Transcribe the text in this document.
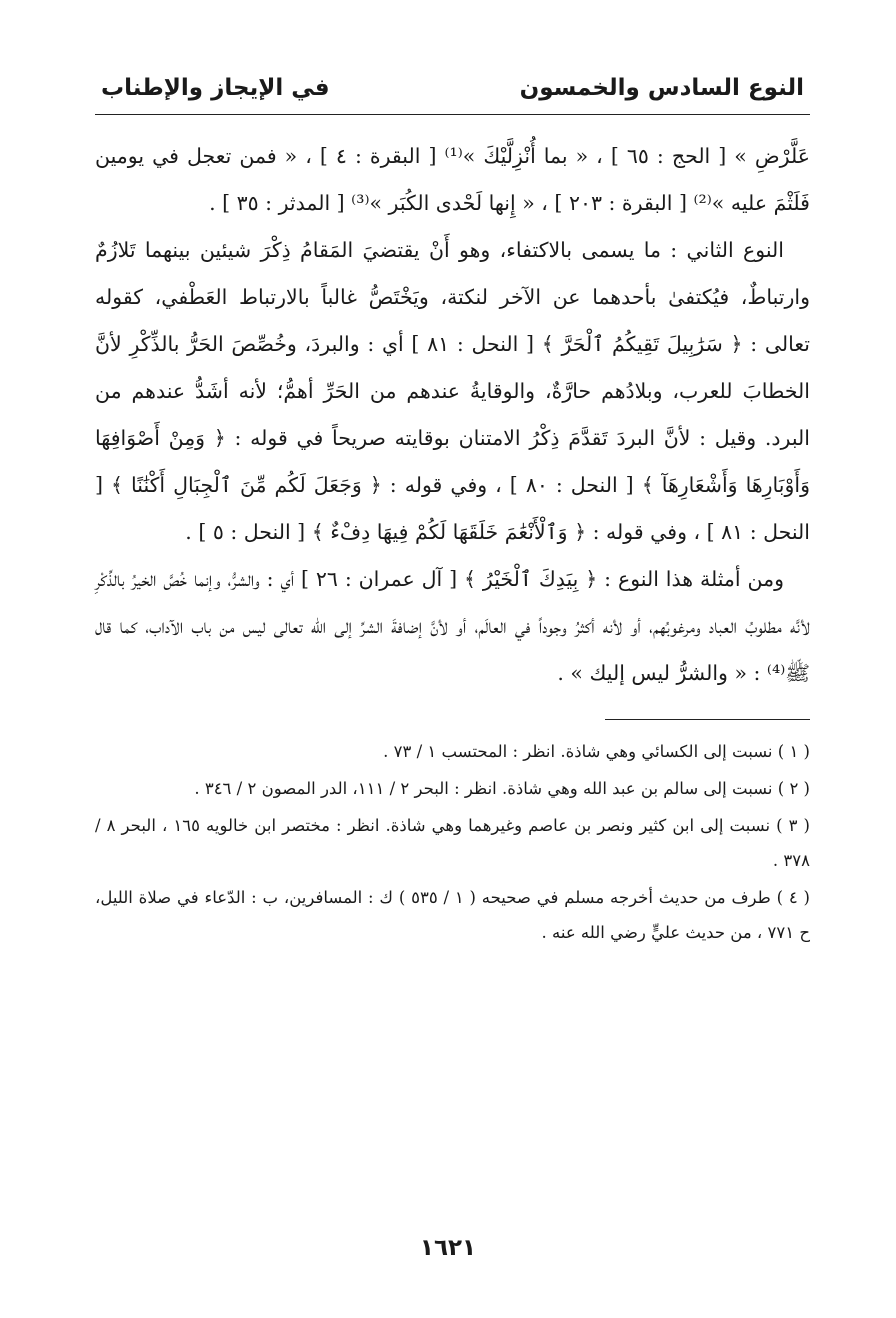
النوع السادس والخمسون
في الإيجاز والإطناب

عَلَّرْضِ » [ الحج : ٦٥ ] ، « بما أُنْزِلَّيْكَ »⁽¹⁾ [ البقرة : ٤ ] ، « فمن تعجل في يومين فَلَثْمَ عليه »⁽²⁾ [ البقرة : ٢٠٣ ] ، « إِنها لَحْدى الكُبَر »⁽³⁾ [ المدثر : ٣٥ ] .

النوع الثاني : ما يسمى بالاكتفاء، وهو أَنْ يقتضيَ المَقامُ ذِكْرَ شيئين بينهما تَلازُمٌ وارتباطٌ، فيُكتفىٰ بأحدهما عن الآخر لنكتة، ويَخْتَصُّ غالباً بالارتباط العَطْفي، كقوله تعالى : ﴿ سَرَٰبِيلَ تَقِيكُمُ ٱلْحَرَّ ﴾ [ النحل : ٨١ ] أي : والبردَ، وخُصِّصَ الحَرُّ بالذِّكْرِ لأنَّ الخطابَ للعرب، وبلادُهم حارَّةٌ، والوقايةُ عندهم من الحَرِّ أهمُّ؛ لأنه أشَدُّ عندهم من البرد. وقيل : لأنَّ البردَ تَقدَّمَ ذِكْرُ الامتنان بوقايته صريحاً في قوله : ﴿ وَمِنْ أَصْوَافِهَا وَأَوْبَارِهَا وَأَشْعَارِهَآ ﴾ [ النحل : ٨٠ ] ، وفي قوله : ﴿ وَجَعَلَ لَكُم مِّنَ ٱلْجِبَالِ أَكْنَٰنًا ﴾ [ النحل : ٨١ ] ، وفي قوله : ﴿ وَٱلْأَنْعَٰمَ خَلَقَهَا لَكُمْ فِيهَا دِفْءٌ ﴾ [ النحل : ٥ ] .

ومن أمثلة هذا النوع : ﴿ بِيَدِكَ ٱلْخَيْرُ ﴾ [ آل عمران : ٢٦ ] أي : والشرُّ، وإنما خُصَّ الخيرُ بالذِّكْرِ لأنَّه مطلوبُ العباد ومرغوبُهم، أو لأنه أكثرُ وجوداً في العالَم، أو لأنَّ إضافةَ الشرِّ إلى الله تعالى ليس من باب الآداب، كما قال ﷺ⁽⁴⁾ : « والشرُّ ليس إليك » .

( ١ ) نسبت إلى الكسائي وهي شاذة. انظر : المحتسب ١ / ٧٣ .

( ٢ ) نسبت إلى سالم بن عبد الله وهي شاذة. انظر : البحر ٢ / ١١١، الدر المصون ٢ / ٣٤٦ .

( ٣ ) نسبت إلى ابن كثير ونصر بن عاصم وغيرهما وهي شاذة. انظر : مختصر ابن خالويه ١٦٥ ، البحر ٨ / ٣٧٨ .

( ٤ ) طرف من حديث أخرجه مسلم في صحيحه ( ١ / ٥٣٥ ) ك : المسافرين، ب : الدّعاء في صلاة الليل، ح ٧٧١ ، من حديث عليٍّ رضي الله عنه .

١٦٢١
